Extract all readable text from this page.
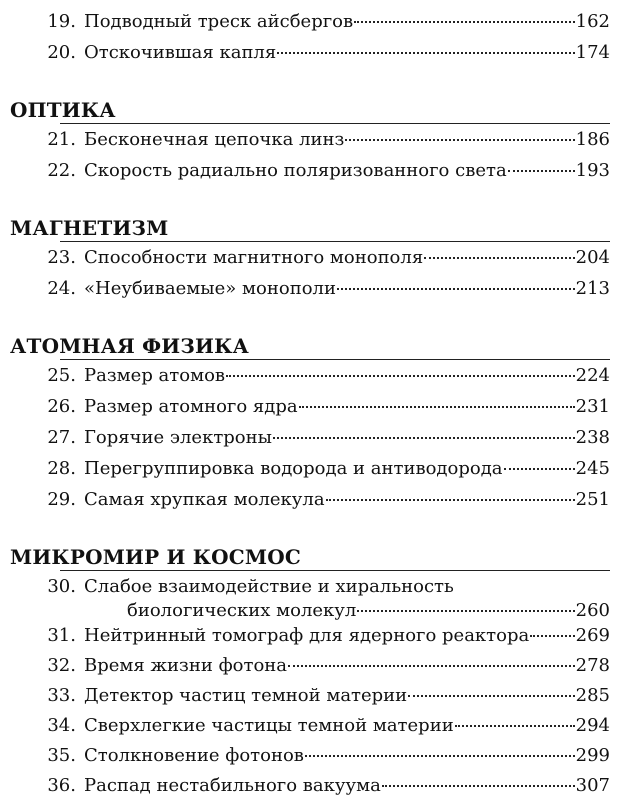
19. Подводный треск айсбергов	162
20. Отскочившая капля	174
ОПТИКА
21. Бесконечная цепочка линз	186
22. Скорость радиально поляризованного света	193
МАГНЕТИЗМ
23. Способности магнитного монополя	204
24. «Неубиваемые» монополи	213
АТОМНАЯ ФИЗИКА
25. Размер атомов	224
26. Размер атомного ядра	231
27. Горячие электроны	238
28. Перегруппировка водорода и антиводорода	245
29. Самая хрупкая молекула	251
МИКРОМИР И КОСМОС
30. Слабое взаимодействие и хиральность
биологических молекул	260
31. Нейтринный томограф для ядерного реактора	269
32. Время жизни фотона	278
33. Детектор частиц темной материи	285
34. Сверхлегкие частицы темной материи	294
35. Столкновение фотонов	299
36. Распад нестабильного вакуума	307
